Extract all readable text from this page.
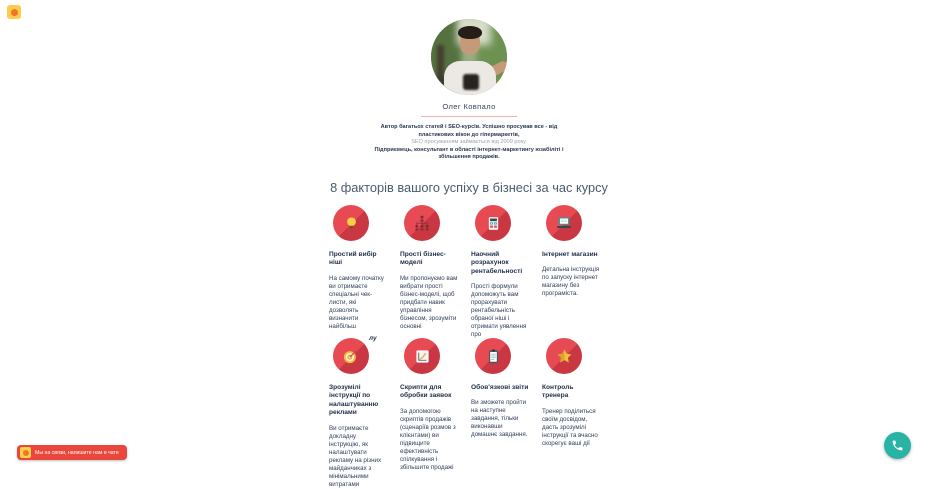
Олег Ковпало

Автор багатьох статей і SEO-курсів. Успішно просував все - від пластикових вікон до гіпермаркетів,

SEO просуванням займається від 2009 року.

Підприємець, консультант в області інтернет-маркетингу юзабіліті і збільшення продажів.

8 факторів вашого успіху в бізнесі за час курсу
Простий вибір ніші

На самому початку ви отримаєте спеціальні чек-листи, які дозволять визначити найбільш

Прості бізнес-моделі

Ми пропонуємо вам вибрати прості бізнес-моделі, щоб придбати навик управління бізнесом, зрозуміти основні

Наочний розрахунок рентабельності

Прості формули допоможуть вам прорахувати рентабельність обраної ніші і отримати уявлення про

Інтернет магазин

Детальна інструкція по запуску інтернет магазину без програміста.

Зрозумілі інструкції по налаштуванню реклами

Ви отримаєте докладну інструкцію, як налаштувати рекламу на різних майданчиках з мінімальними витратами

Скрипти для обробки заявок

За допомогою скриптів продажів (сценаріїв розмов з клієнтами) ви підвищите ефективність спілкування і збільшите продажі

Обов'язкові звіти

Ви зможете пройти на наступне завдання, тільки виконавши домашнє завдання.

Контроль тренера

Тренер поділиться своїм досвідом, дасть зрозумілі інструкції та вчасно скорегує ваші дії

лу
Мы на связи, напишите нам в чате
